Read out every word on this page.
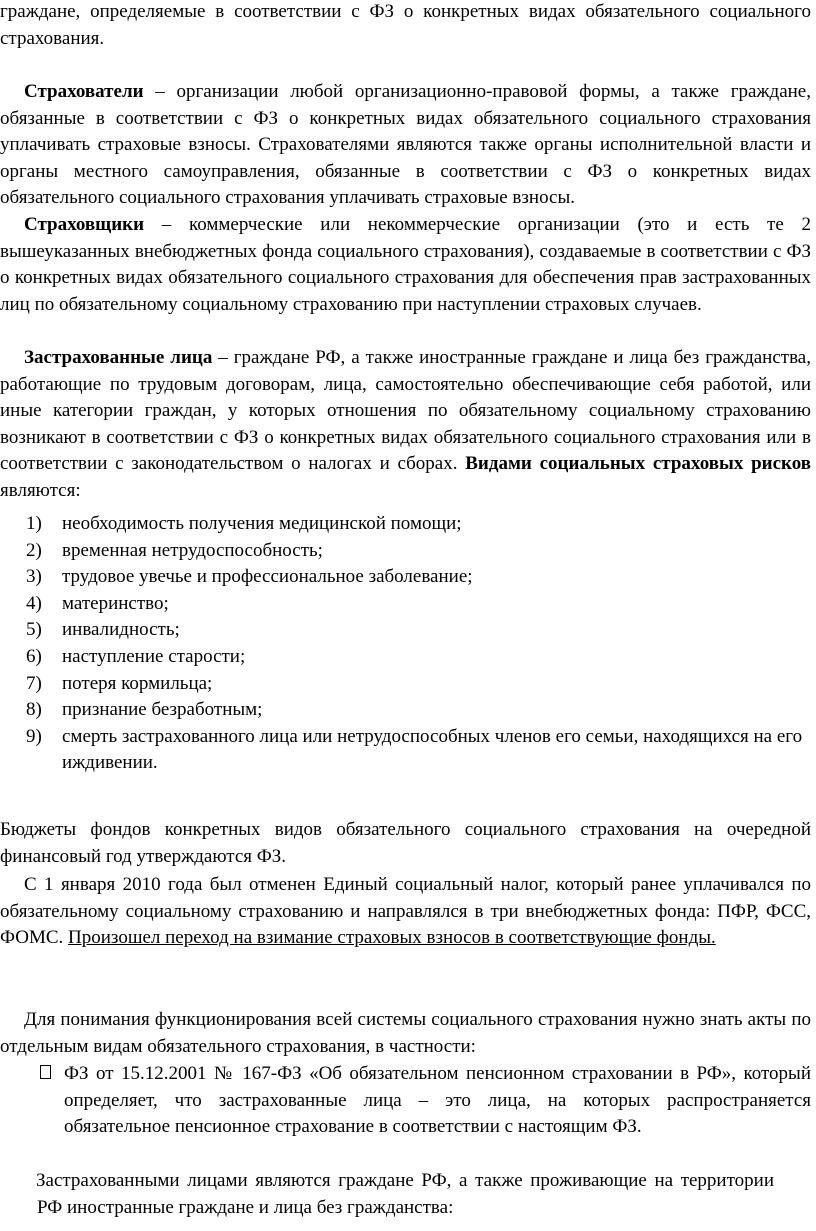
граждане, определяемые в соответствии с ФЗ о конкретных видах обязательного социального страхования.

Страхователи – организации любой организационно-правовой формы, а также граждане, обязанные в соответствии с ФЗ о конкретных видах обязательного социального страхования уплачивать страховые взносы. Страхователями являются также органы исполнительной власти и органы местного самоуправления, обязанные в соответствии с ФЗ о конкретных видах обязательного социального страхования уплачивать страховые взносы.

Страховщики – коммерческие или некоммерческие организации (это и есть те 2 вышеуказанных внебюджетных фонда социального страхования), создаваемые в соответствии с ФЗ о конкретных видах обязательного социального страхования для обеспечения прав застрахованных лиц по обязательному социальному страхованию при наступлении страховых случаев.

Застрахованные лица – граждане РФ, а также иностранные граждане и лица без гражданства, работающие по трудовым договорам, лица, самостоятельно обеспечивающие себя работой, или иные категории граждан, у которых отношения по обязательному социальному страхованию возникают в соответствии с ФЗ о конкретных видах обязательного социального страхования или в соответствии с законодательством о налогах и сборах. Видами социальных страховых рисков являются:

1) необходимость получения медицинской помощи;
2) временная нетрудоспособность;
3) трудовое увечье и профессиональное заболевание;
4) материнство;
5) инвалидность;
6) наступление старости;
7) потеря кормильца;
8) признание безработным;
9) смерть застрахованного лица или нетрудоспособных членов его семьи, находящихся на его иждивении.

Бюджеты фондов конкретных видов обязательного социального страхования на очередной финансовый год утверждаются ФЗ.

С 1 января 2010 года был отменен Единый социальный налог, который ранее уплачивался по обязательному социальному страхованию и направлялся в три внебюджетных фонда: ПФР, ФСС, ФОМС. Произошел переход на взимание страховых взносов в соответствующие фонды.

Для понимания функционирования всей системы социального страхования нужно знать акты по отдельным видам обязательного страхования, в частности:

ФЗ от 15.12.2001 № 167-ФЗ «Об обязательном пенсионном страховании в РФ», который определяет, что застрахованные лица – это лица, на которых распространяется обязательное пенсионное страхование в соответствии с настоящим ФЗ.

Застрахованными лицами являются граждане РФ, а также проживающие на территории РФ иностранные граждане и лица без гражданства:
